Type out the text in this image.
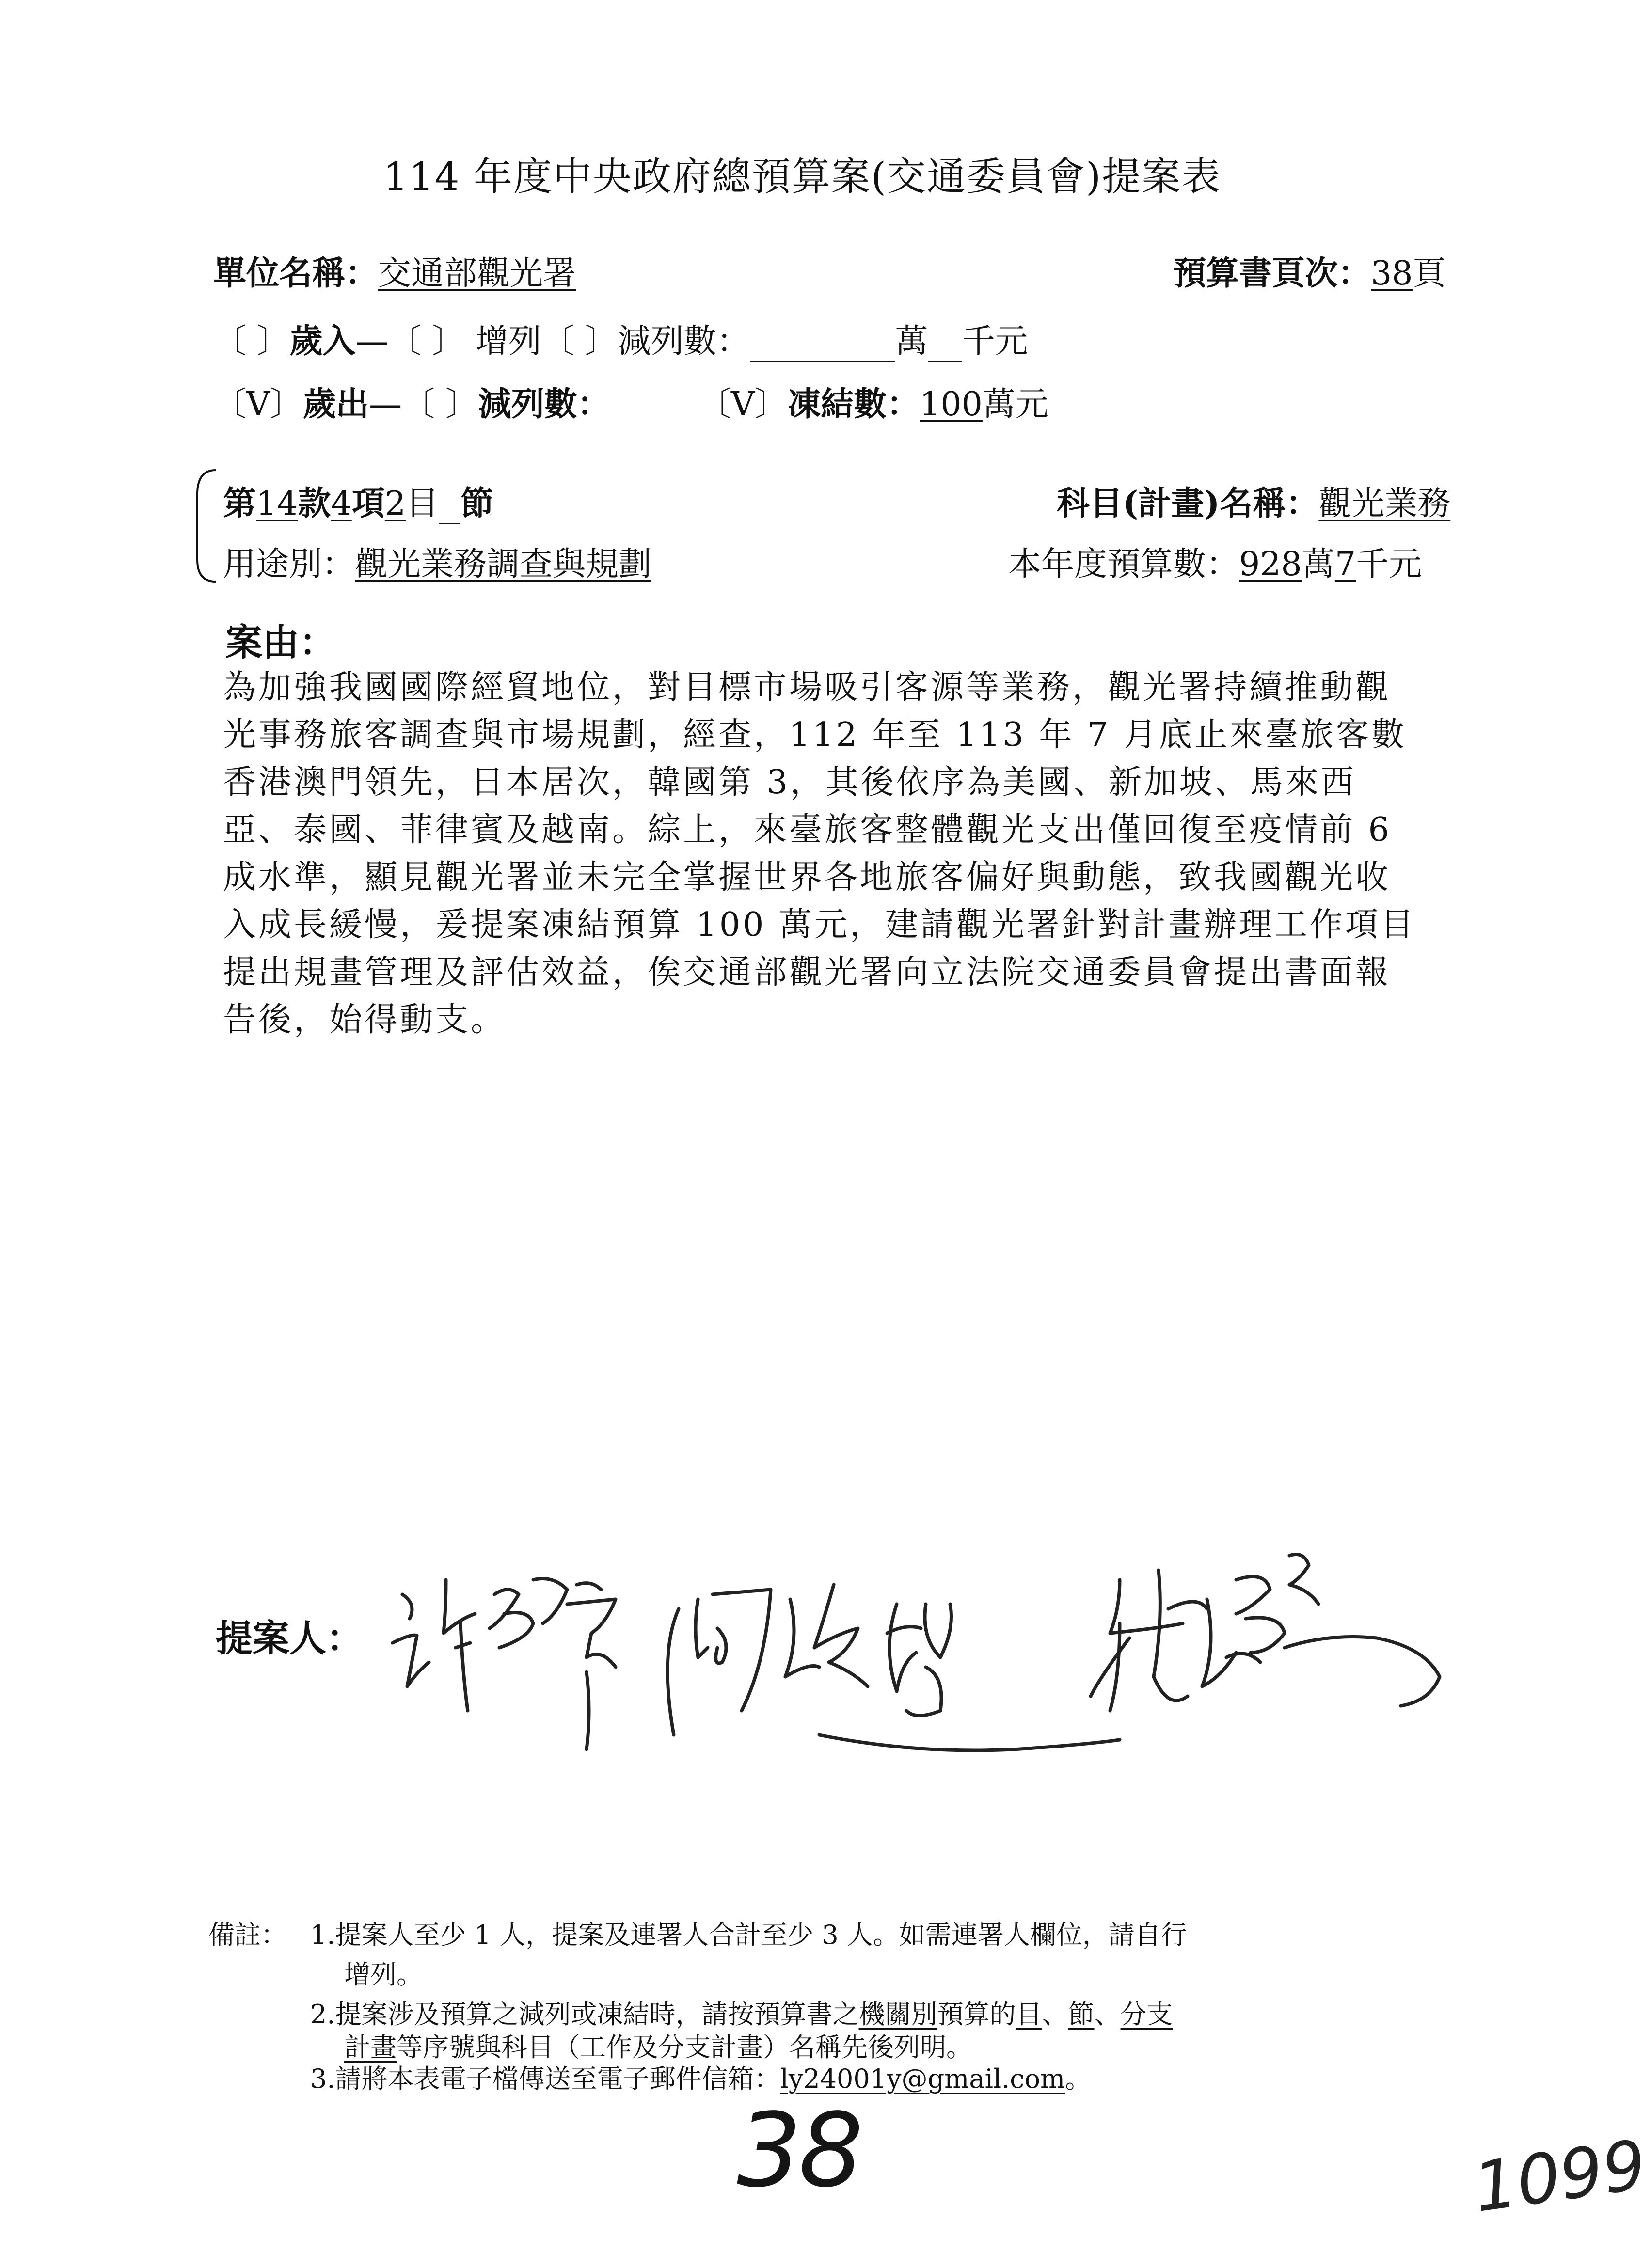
114 年度中央政府總預算案(交通委員會)提案表
單位名稱：交通部觀光署	預算書頁次：38頁
〔 〕歲入—〔 〕 增列〔 〕減列數：	萬 千元
〔V〕歲出—〔 〕減列數：	〔V〕凍結數：100萬元
第14款4項2目 節	科目(計畫)名稱：觀光業務
用途別：觀光業務調查與規劃	本年度預算數：928萬7千元
案由：
為加強我國國際經貿地位，對目標市場吸引客源等業務，觀光署持續推動觀光事務旅客調查與市場規劃，經查，112 年至 113 年 7 月底止來臺旅客數香港澳門領先，日本居次，韓國第 3，其後依序為美國、新加坡、馬來西亞、泰國、菲律賓及越南。綜上，來臺旅客整體觀光支出僅回復至疫情前 6 成水準，顯見觀光署並未完全掌握世界各地旅客偏好與動態，致我國觀光收入成長緩慢，爰提案凍結預算 100 萬元，建請觀光署針對計畫辦理工作項目提出規畫管理及評估效益，俟交通部觀光署向立法院交通委員會提出書面報告後，始得動支。
提案人：
備註： 1.提案人至少 1 人，提案及連署人合計至少 3 人。如需連署人欄位，請自行
增列。
2.提案涉及預算之減列或凍結時，請按預算書之機關別預算的目、節、分支
計畫等序號與科目（工作及分支計畫）名稱先後列明。
3.請將本表電子檔傳送至電子郵件信箱：ly24001y@gmail.com。
38	1099
